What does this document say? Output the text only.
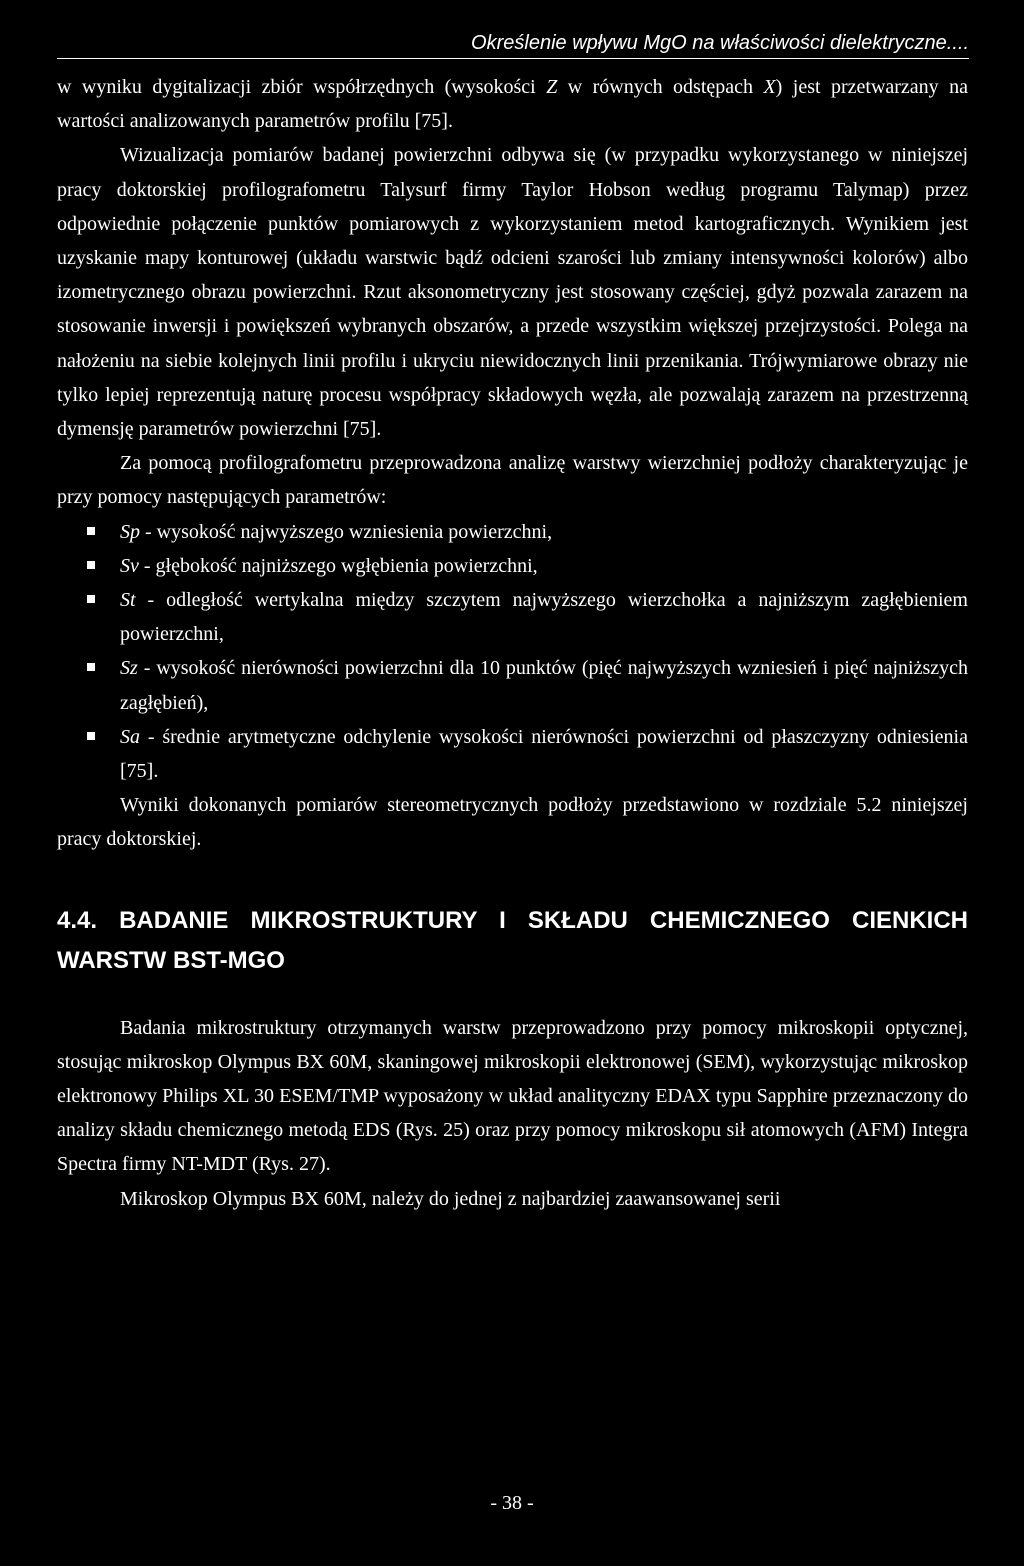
Określenie wpływu MgO na właściwości dielektryczne....

w wyniku dygitalizacji zbiór współrzędnych (wysokości Z w równych odstępach X) jest przetwarzany na wartości analizowanych parametrów profilu [75].

Wizualizacja pomiarów badanej powierzchni odbywa się (w przypadku wykorzystanego w niniejszej pracy doktorskiej profilografometru Talysurf firmy Taylor Hobson według programu Talymap) przez odpowiednie połączenie punktów pomiarowych z wykorzystaniem metod kartograficznych. Wynikiem jest uzyskanie mapy konturowej (układu warstwic bądź odcieni szarości lub zmiany intensywności kolorów) albo izometrycznego obrazu powierzchni. Rzut aksonometryczny jest stosowany częściej, gdyż pozwala zarazem na stosowanie inwersji i powiększeń wybranych obszarów, a przede wszystkim większej przejrzystości. Polega na nałożeniu na siebie kolejnych linii profilu i ukryciu niewidocznych linii przenikania. Trójwymiarowe obrazy nie tylko lepiej reprezentują naturę procesu współpracy składowych węzła, ale pozwalają zarazem na przestrzenną dymensję parametrów powierzchni [75].

Za pomocą profilografometru przeprowadzona analizę warstwy wierzchniej podłoży charakteryzując je przy pomocy następujących parametrów:

Sp - wysokość najwyższego wzniesienia powierzchni,
Sv - głębokość najniższego wgłębienia powierzchni,
St - odległość wertykalna między szczytem najwyższego wierzchołka a najniższym zagłębieniem powierzchni,
Sz - wysokość nierówności powierzchni dla 10 punktów (pięć najwyższych wzniesień i pięć najniższych zagłębień),
Sa - średnie arytmetyczne odchylenie wysokości nierówności powierzchni od płaszczyzny odniesienia [75].

Wyniki dokonanych pomiarów stereometrycznych podłoży przedstawiono w rozdziale 5.2 niniejszej pracy doktorskiej.

4.4. BADANIE MIKROSTRUKTURY I SKŁADU CHEMICZNEGO CIENKICH WARSTW BST-MGO

Badania mikrostruktury otrzymanych warstw przeprowadzono przy pomocy mikroskopii optycznej, stosując mikroskop Olympus BX 60M, skaningowej mikroskopii elektronowej (SEM), wykorzystując mikroskop elektronowy Philips XL 30 ESEM/TMP wyposażony w układ analityczny EDAX typu Sapphire przeznaczony do analizy składu chemicznego metodą EDS (Rys. 25) oraz przy pomocy mikroskopu sił atomowych (AFM) Integra Spectra firmy NT-MDT (Rys. 27).

Mikroskop Olympus BX 60M, należy do jednej z najbardziej zaawansowanej serii

- 38 -
